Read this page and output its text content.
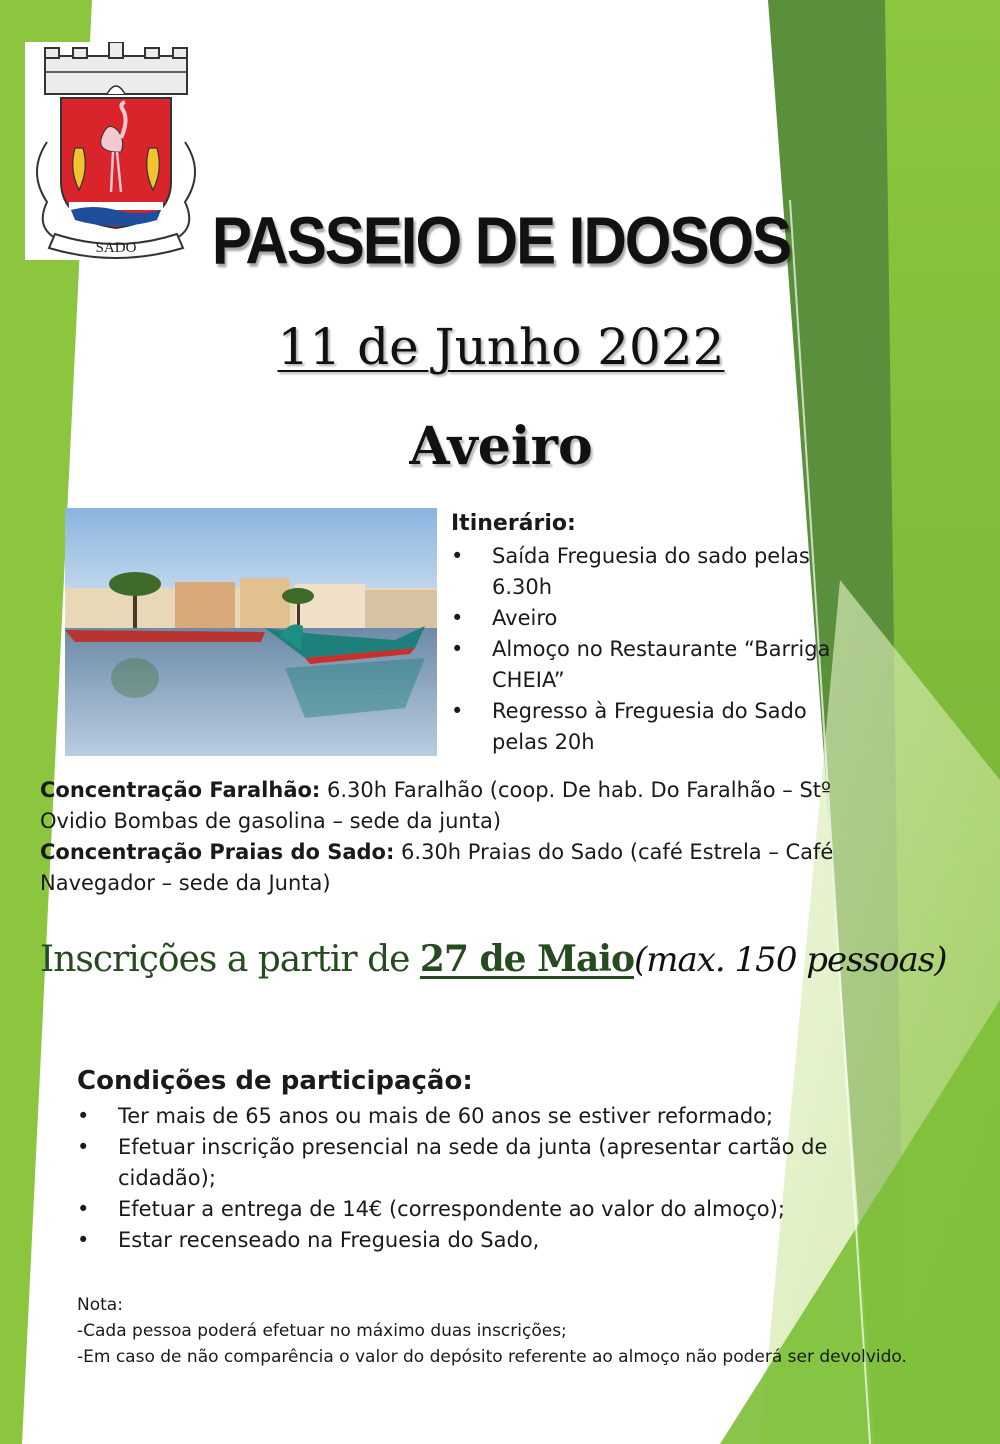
SADO PASSEIO DE IDOSOS
11 de Junho 2022
Aveiro
Itinerário:
• Saída Freguesia do sado pelas 6.30h
• Aveiro
• Almoço no Restaurante “Barriga CHEIA”
• Regresso à Freguesia do Sado pelas 20h
Concentração Faralhão: 6.30h Faralhão (coop. De hab. Do Faralhão – Stº Ovidio Bombas de gasolina – sede da junta)
Concentração Praias do Sado: 6.30h Praias do Sado (café Estrela – Café Navegador – sede da Junta)
Inscrições a partir de 27 de Maio(max. 150 pessoas)
Condições de participação:
• Ter mais de 65 anos ou mais de 60 anos se estiver reformado;
• Efetuar inscrição presencial na sede da junta (apresentar cartão de cidadão);
• Efetuar a entrega de 14€ (correspondente ao valor do almoço);
• Estar recenseado na Freguesia do Sado,
Nota:
-Cada pessoa poderá efetuar no máximo duas inscrições;
-Em caso de não comparência o valor do depósito referente ao almoço não poderá ser devolvido.
